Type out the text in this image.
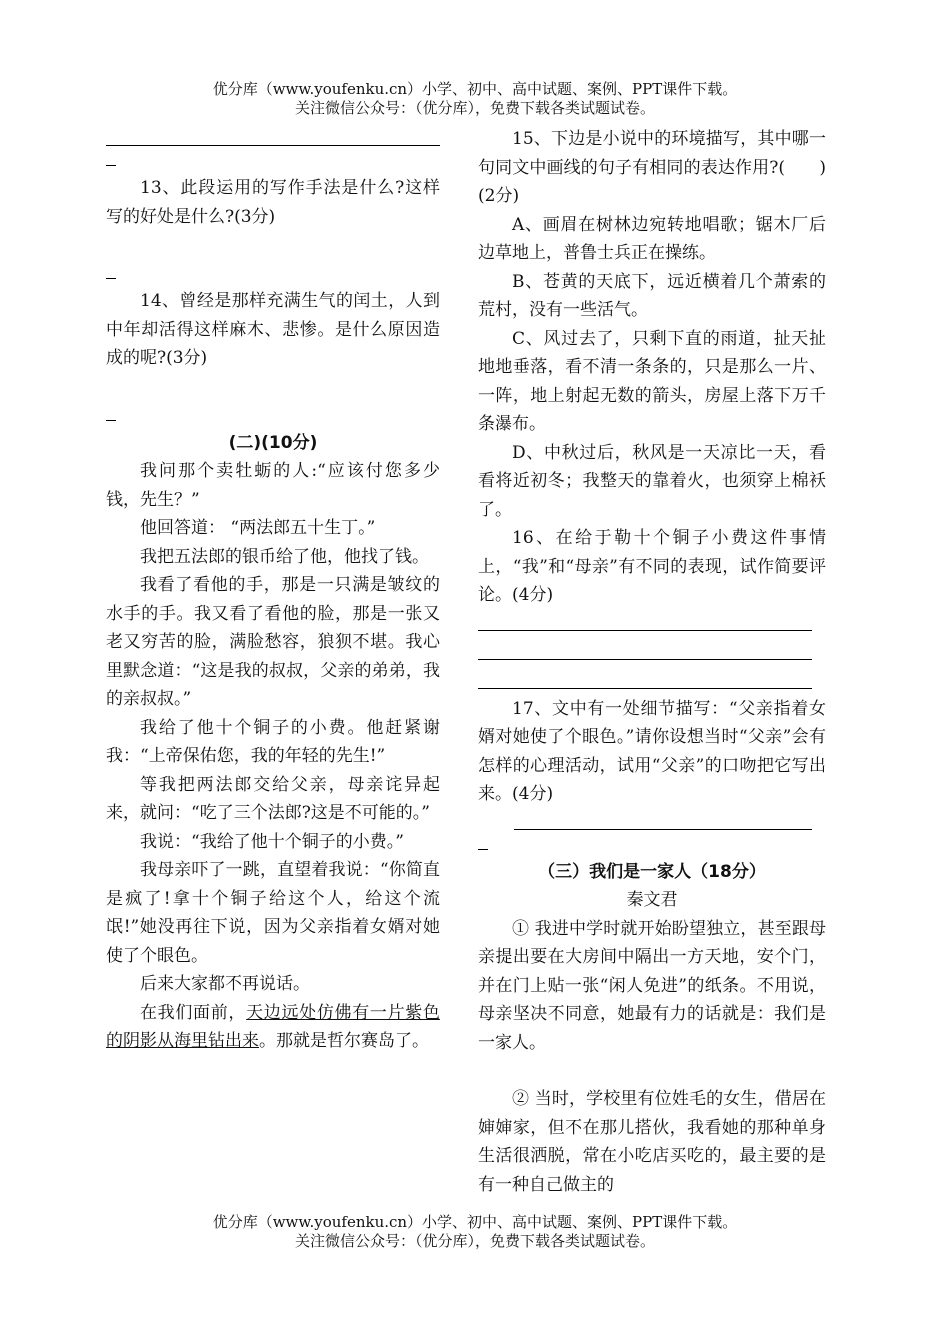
优分库（www.youfenku.cn）小学、初中、高中试题、案例、PPT课件下载。
关注微信公众号：（优分库），免费下载各类试题试卷。

13、此段运用的写作手法是什么?这样写的好处是什么?(3分)

14、曾经是那样充满生气的闰土，人到中年却活得这样麻木、悲惨。是什么原因造成的呢?(3分)

(二)(10分)

我问那个卖牡蛎的人:“应该付您多少钱，先生？”

他回答道： “两法郎五十生丁。”

我把五法郎的银币给了他，他找了钱。

我看了看他的手，那是一只满是皱纹的水手的手。我又看了看他的脸，那是一张又老又穷苦的脸，满脸愁容，狼狈不堪。我心里默念道：“这是我的叔叔，父亲的弟弟，我的亲叔叔。”

我给了他十个铜子的小费。他赶紧谢我：“上帝保佑您，我的年轻的先生!”

等我把两法郎交给父亲，母亲诧异起来，就问：“吃了三个法郎?这是不可能的。”

我说：“我给了他十个铜子的小费。”

我母亲吓了一跳，直望着我说：“你简直是疯了!拿十个铜子给这个人，给这个流氓!”她没再往下说，因为父亲指着女婿对她使了个眼色。

后来大家都不再说话。

在我们面前，天边远处仿佛有一片紫色的阴影从海里钻出来。那就是哲尔赛岛了。

15、下边是小说中的环境描写，其中哪一句同文中画线的句子有相同的表达作用?(　　)(2分)

A、画眉在树林边宛转地唱歌；锯木厂后边草地上，普鲁士兵正在操练。

B、苍黄的天底下，远近横着几个萧索的荒村，没有一些活气。

C、风过去了，只剩下直的雨道，扯天扯地地垂落，看不清一条条的，只是那么一片、一阵，地上射起无数的箭头，房屋上落下万千条瀑布。

D、中秋过后，秋风是一天凉比一天，看看将近初冬；我整天的靠着火，也须穿上棉袄了。

16、在给于勒十个铜子小费这件事情上，“我”和“母亲”有不同的表现，试作简要评论。(4分)

17、文中有一处细节描写：“父亲指着女婿对她使了个眼色。”请你设想当时“父亲”会有怎样的心理活动，试用“父亲”的口吻把它写出来。(4分)

（三）我们是一家人（18分）
秦文君

① 我进中学时就开始盼望独立，甚至跟母亲提出要在大房间中隔出一方天地，安个门，并在门上贴一张“闲人免进”的纸条。不用说，母亲坚决不同意，她最有力的话就是：我们是一家人。

② 当时，学校里有位姓毛的女生，借居在婶婶家，但不在那儿搭伙，我看她的那种单身生活很洒脱，常在小吃店买吃的，最主要的是有一种自己做主的

优分库（www.youfenku.cn）小学、初中、高中试题、案例、PPT课件下载。
关注微信公众号：（优分库），免费下载各类试题试卷。
